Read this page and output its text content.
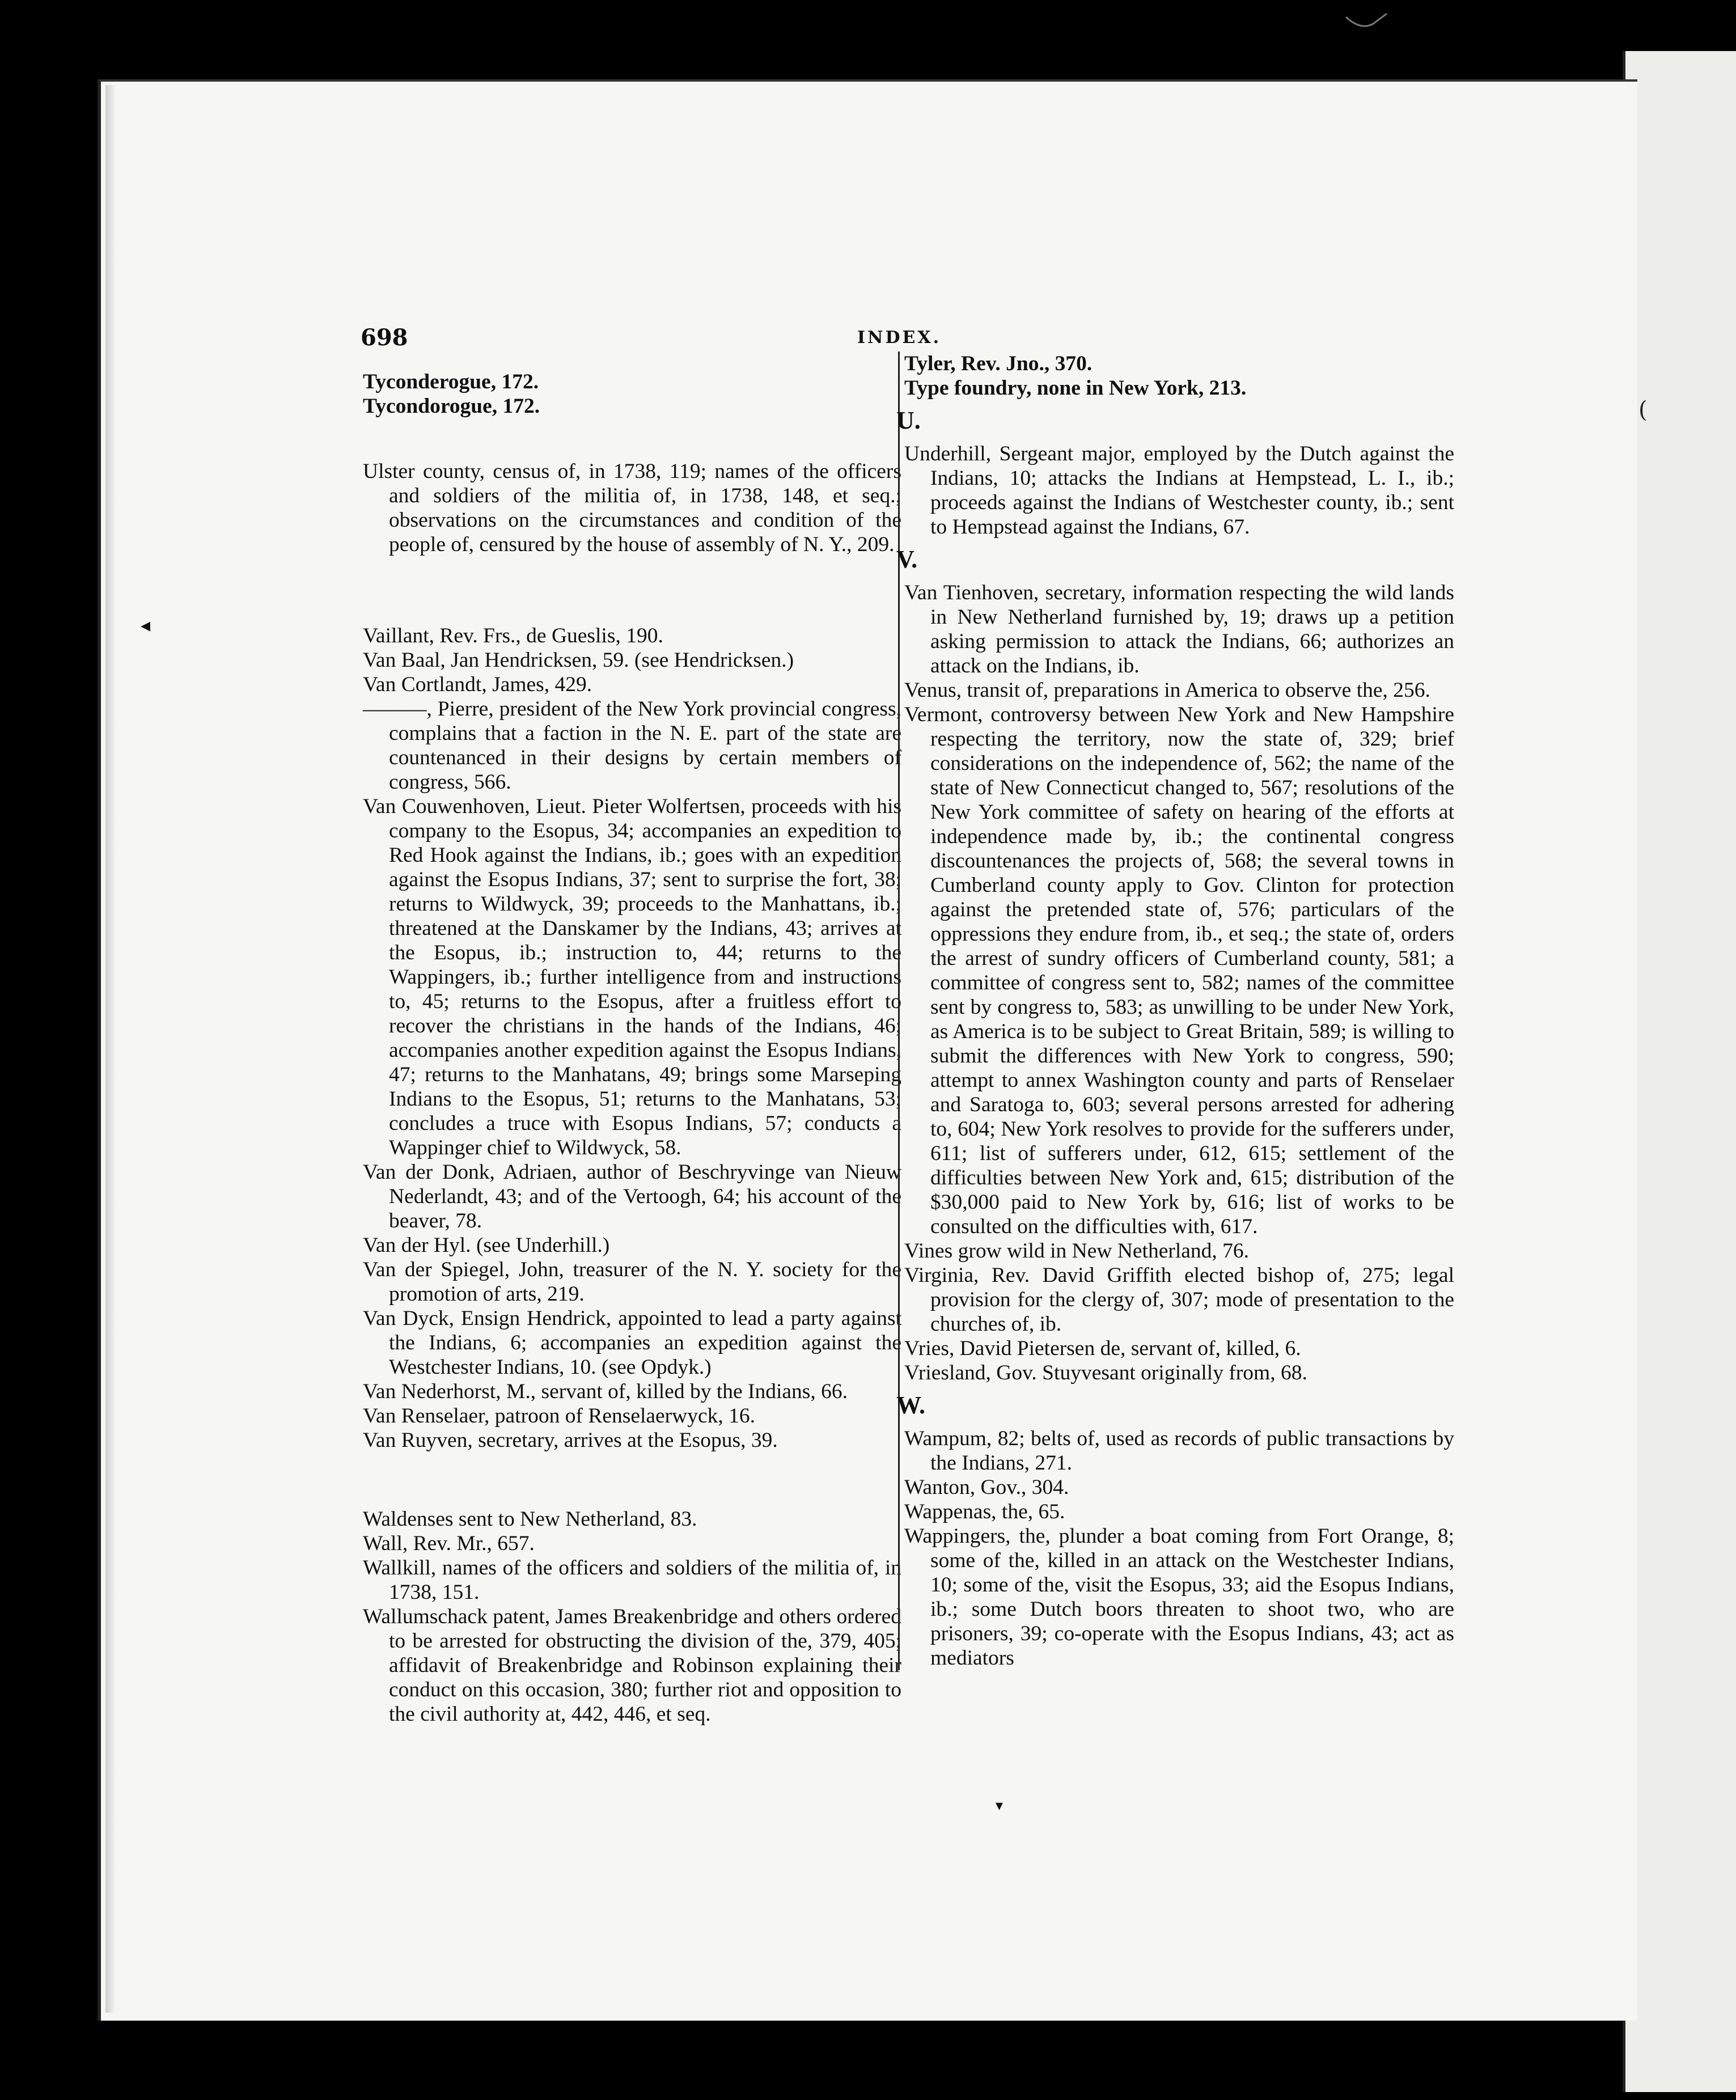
(
◂
698	INDEX.
Tyconderogue, 172.
Tycondorogue, 172.
Ulster county, census of, in 1738, 119; names of the officers and soldiers of the militia of, in 1738, 148, et seq.; observations on the circumstances and condition of the people of, censured by the house of assembly of N. Y., 209.
Vaillant, Rev. Frs., de Gueslis, 190.
Van Baal, Jan Hendricksen, 59. (see Hendricksen.)
Van Cortlandt, James, 429.
———, Pierre, president of the New York provincial congress, complains that a faction in the N. E. part of the state are countenanced in their designs by certain members of congress, 566.
Van Couwenhoven, Lieut. Pieter Wolfertsen, proceeds with his company to the Esopus, 34; accompanies an expedition to Red Hook against the Indians, ib.; goes with an expedition against the Esopus Indians, 37; sent to surprise the fort, 38; returns to Wildwyck, 39; proceeds to the Manhattans, ib.; threatened at the Danskamer by the Indians, 43; arrives at the Esopus, ib.; instruction to, 44; returns to the Wappingers, ib.; further intelligence from and instructions to, 45; returns to the Esopus, after a fruitless effort to recover the christians in the hands of the Indians, 46; accompanies another expedition against the Esopus Indians, 47; returns to the Manhatans, 49; brings some Marseping Indians to the Esopus, 51; returns to the Manhatans, 53; concludes a truce with Esopus Indians, 57; conducts a Wappinger chief to Wildwyck, 58.
Van der Donk, Adriaen, author of Beschryvinge van Nieuw Nederlandt, 43; and of the Vertoogh, 64; his account of the beaver, 78.
Van der Hyl. (see Underhill.)
Van der Spiegel, John, treasurer of the N. Y. society for the promotion of arts, 219.
Van Dyck, Ensign Hendrick, appointed to lead a party against the Indians, 6; accompanies an expedition against the Westchester Indians, 10. (see Opdyk.)
Van Nederhorst, M., servant of, killed by the Indians, 66.
Van Renselaer, patroon of Renselaerwyck, 16.
Van Ruyven, secretary, arrives at the Esopus, 39.
Waldenses sent to New Netherland, 83.
Wall, Rev. Mr., 657.
Wallkill, names of the officers and soldiers of the militia of, in 1738, 151.
Wallumschack patent, James Breakenbridge and others ordered to be arrested for obstructing the division of the, 379, 405; affidavit of Breakenbridge and Robinson explaining their conduct on this occasion, 380; further riot and opposition to the civil authority at, 442, 446, et seq.
Tyler, Rev. Jno., 370.
Type foundry, none in New York, 213.
U.
Underhill, Sergeant major, employed by the Dutch against the Indians, 10; attacks the Indians at Hempstead, L. I., ib.; proceeds against the Indians of Westchester county, ib.; sent to Hempstead against the Indians, 67.
V.
Van Tienhoven, secretary, information respecting the wild lands in New Netherland furnished by, 19; draws up a petition asking permission to attack the Indians, 66; authorizes an attack on the Indians, ib.
Venus, transit of, preparations in America to observe the, 256.
Vermont, controversy between New York and New Hampshire respecting the territory, now the state of, 329; brief considerations on the independence of, 562; the name of the state of New Connecticut changed to, 567; resolutions of the New York committee of safety on hearing of the efforts at independence made by, ib.; the continental congress discountenances the projects of, 568; the several towns in Cumberland county apply to Gov. Clinton for protection against the pretended state of, 576; particulars of the oppressions they endure from, ib., et seq.; the state of, orders the arrest of sundry officers of Cumberland county, 581; a committee of congress sent to, 582; names of the committee sent by congress to, 583; as unwilling to be under New York, as America is to be subject to Great Britain, 589; is willing to submit the differences with New York to congress, 590; attempt to annex Washington county and parts of Renselaer and Saratoga to, 603; several persons arrested for adhering to, 604; New York resolves to provide for the sufferers under, 611; list of sufferers under, 612, 615; settlement of the difficulties between New York and, 615; distribution of the $30,000 paid to New York by, 616; list of works to be consulted on the difficulties with, 617.
Vines grow wild in New Netherland, 76.
Virginia, Rev. David Griffith elected bishop of, 275; legal provision for the clergy of, 307; mode of presentation to the churches of, ib.
Vries, David Pietersen de, servant of, killed, 6.
Vriesland, Gov. Stuyvesant originally from, 68.
W.
Wampum, 82; belts of, used as records of public transactions by the Indians, 271.
Wanton, Gov., 304.
Wappenas, the, 65.
Wappingers, the, plunder a boat coming from Fort Orange, 8; some of the, killed in an attack on the Westchester Indians, 10; some of the, visit the Esopus, 33; aid the Esopus Indians, ib.; some Dutch boors threaten to shoot two, who are prisoners, 39; co-operate with the Esopus Indians, 43; act as mediators
▾
